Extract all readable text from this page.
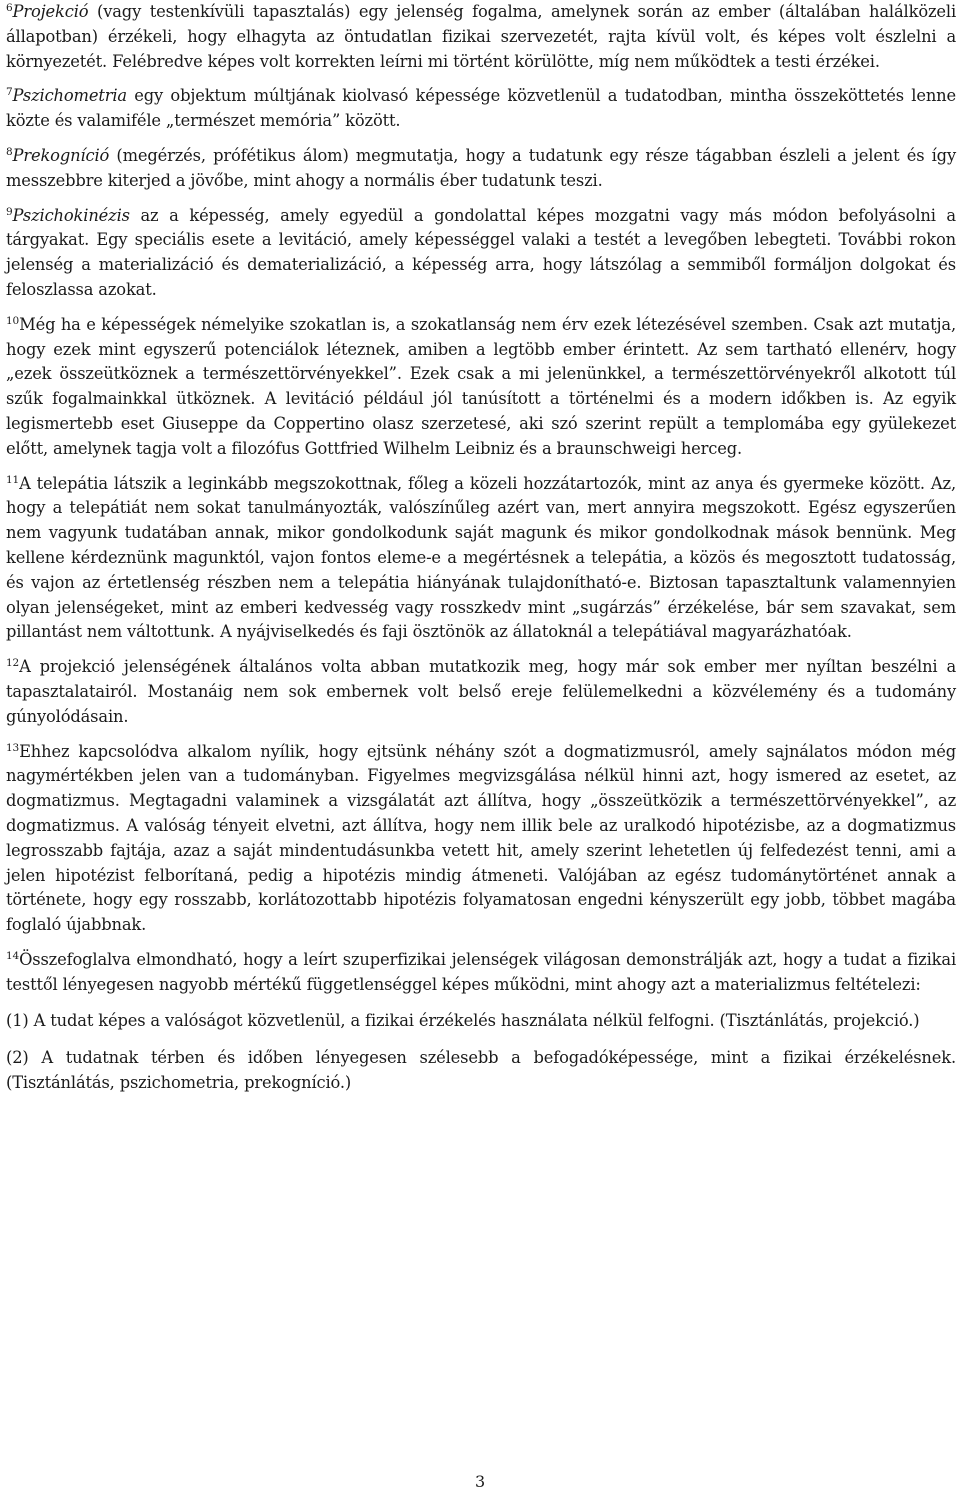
$^6$Projekció (vagy testenkívüli tapasztalás) egy jelenség fogalma, amelynek során az ember (általában halálközeli állapotban) érzékeli, hogy elhagyta az öntudatlan fizikai szervezetét, rajta kívül volt, és képes volt észlelni a környezetét. Felébredve képes volt korrekten leírni mi történt körülötte, míg nem működtek a testi érzékei.

$^7$Pszichometria egy objektum múltjának kiolvasó képessége közvetlenül a tudatodban, mintha összeköttetés lenne közte és valamiféle „természet memória” között.

$^8$Prekogníció (megérzés, prófétikus álom) megmutatja, hogy a tudatunk egy része tágabban észleli a jelent és így messzebbre kiterjed a jövőbe, mint ahogy a normális éber tudatunk teszi.

$^9$Pszichokinézis az a képesség, amely egyedül a gondolattal képes mozgatni vagy más módon befolyásolni a tárgyakat. Egy speciális esete a levitáció, amely képességgel valaki a testét a levegőben lebegteti. További rokon jelenség a materializáció és dematerializáció, a képesség arra, hogy látszólag a semmiből formáljon dolgokat és feloszlassa azokat.

$^{10}$Még ha e képességek némelyike szokatlan is, a szokatlanság nem érv ezek létezésével szemben. Csak azt mutatja, hogy ezek mint egyszerű potenciálok léteznek, amiben a legtöbb ember érintett. Az sem tartható ellenérv, hogy „ezek összeütköznek a természettörvényekkel”. Ezek csak a mi jelenünkkel, a természettörvényekről alkotott túl szűk fogalmainkkal ütköznek. A levitáció például jól tanúsított a történelmi és a modern időkben is. Az egyik legismertebb eset Giuseppe da Coppertino olasz szerzetesé, aki szó szerint repült a templomába egy gyülekezet előtt, amelynek tagja volt a filozófus Gottfried Wilhelm Leibniz és a braunschweigi herceg.

$^{11}$A telepátia látszik a leginkább megszokottnak, főleg a közeli hozzátartozók, mint az anya és gyermeke között. Az, hogy a telepátiát nem sokat tanulmányozták, valószínűleg azért van, mert annyira megszokott. Egész egyszerűen nem vagyunk tudatában annak, mikor gondolkodunk saját magunk és mikor gondolkodnak mások bennünk. Meg kellene kérdeznünk magunktól, vajon fontos eleme-e a megértésnek a telepátia, a közös és megosztott tudatosság, és vajon az értetlenség részben nem a telepátia hiányának tulajdonítható-e. Biztosan tapasztaltunk valamennyien olyan jelenségeket, mint az emberi kedvesség vagy rosszkedv mint „sugárzás” érzékelése, bár sem szavakat, sem pillantást nem váltottunk. A nyájviselkedés és faji ösztönök az állatoknál a telepátiával magyarázhatóak.

$^{12}$A projekció jelenségének általános volta abban mutatkozik meg, hogy már sok ember mer nyíltan beszélni a tapasztalatairól. Mostanáig nem sok embernek volt belső ereje felülemelkedni a közvélemény és a tudomány gúnyolódásain.

$^{13}$Ehhez kapcsolódva alkalom nyílik, hogy ejtsünk néhány szót a dogmatizmusról, amely sajnálatos módon még nagymértékben jelen van a tudományban. Figyelmes megvizsgálása nélkül hinni azt, hogy ismered az esetet, az dogmatizmus. Megtagadni valaminek a vizsgálatát azt állítva, hogy „összeütközik a természettörvényekkel”, az dogmatizmus. A valóság tényeit elvetni, azt állítva, hogy nem illik bele az uralkodó hipotézisbe, az a dogmatizmus legrosszabb fajtája, azaz a saját mindentudásunkba vetett hit, amely szerint lehetetlen új felfedezést tenni, ami a jelen hipotézist felborítaná, pedig a hipotézis mindig átmeneti. Valójában az egész tudománytörténet annak a története, hogy egy rosszabb, korlátozottabb hipotézis folyamatosan engedni kényszerült egy jobb, többet magába foglaló újabbnak.

$^{14}$Összefoglalva elmondható, hogy a leírt szuperfizikai jelenségek világosan demonstrálják azt, hogy a tudat a fizikai testtől lényegesen nagyobb mértékű függetlenséggel képes működni, mint ahogy azt a materializmus feltételezi:

(1) A tudat képes a valóságot közvetlenül, a fizikai érzékelés használata nélkül felfogni. (Tisztánlátás, projekció.)

(2) A tudatnak térben és időben lényegesen szélesebb a befogadóképessége, mint a fizikai érzékelésnek. (Tisztánlátás, pszichometria, prekogníció.)

3
